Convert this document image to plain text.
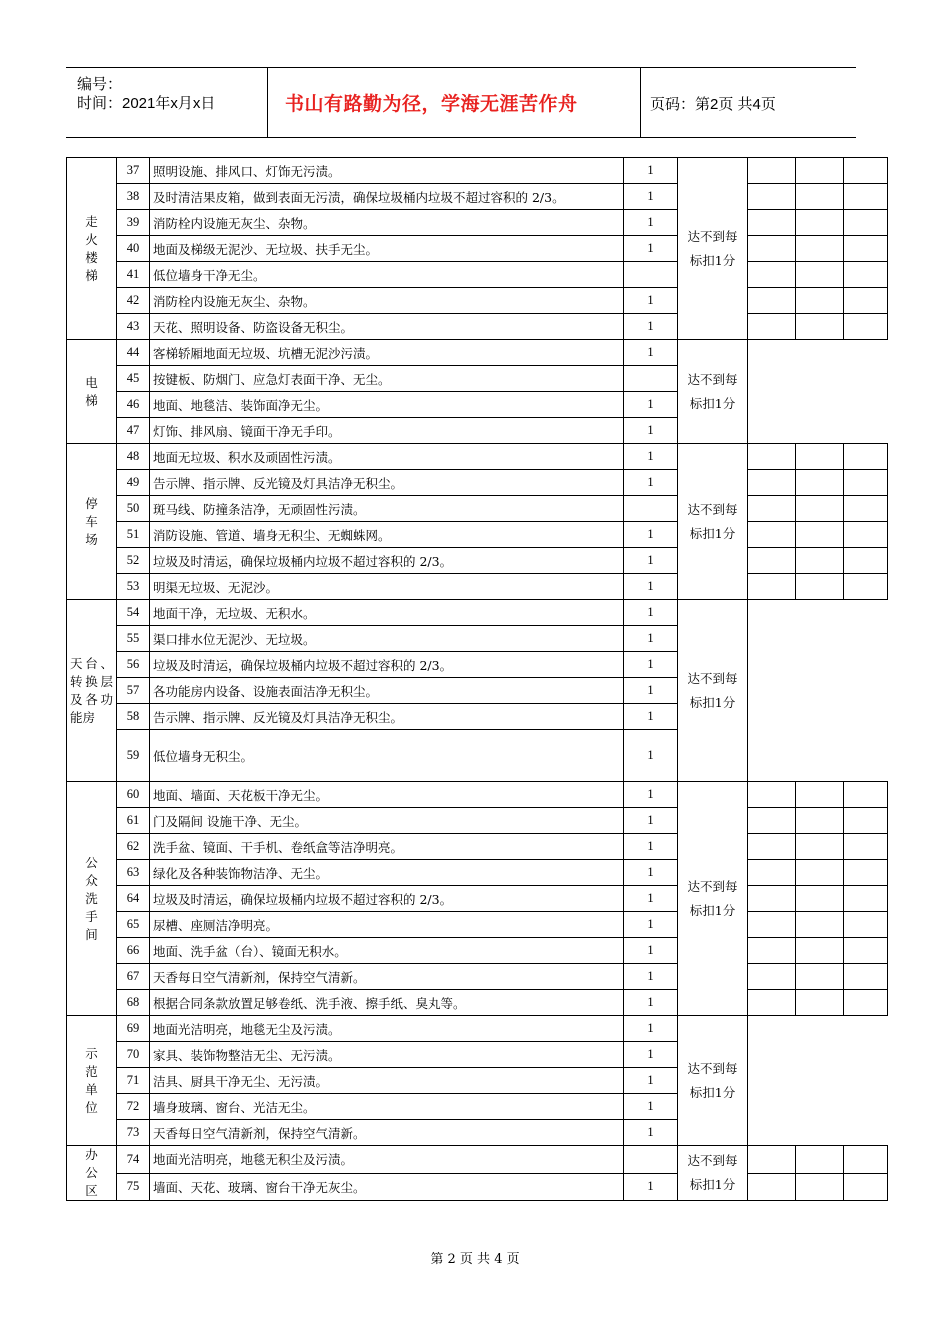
编号：
时间：2021年x月x日	书山有路勤为径，学海无涯苦作舟	页码：第2页 共4页
走火楼梯	37	照明设施、排风口、灯饰无污渍。	1	达不到每
标扣1分			

	38	及时清洁果皮箱，做到表面无污渍，确保垃圾桶内垃圾不超过容积的 2/3。	1				
	39	消防栓内设施无灰尘、杂物。	1				
	40	地面及梯级无泥沙、无垃圾、扶手无尘。	1				
	41	低位墙身干净无尘。					
	42	消防栓内设施无灰尘、杂物。	1				
	43	天花、照明设备、防盗设备无积尘。	1				

电梯	44	客梯轿厢地面无垃圾、坑槽无泥沙污渍。	1	达不到每
标扣1分			

	45	按键板、防烟门、应急灯表面干净、无尘。					
	46	地面、地毯洁、装饰面净无尘。	1				
	47	灯饰、排风扇、镜面干净无手印。	1				

停车场	48	地面无垃圾、积水及顽固性污渍。	1	达不到每
标扣1分			

	49	告示牌、指示牌、反光镜及灯具洁净无积尘。	1				
	50	斑马线、防撞条洁净，无顽固性污渍。					
	51	消防设施、管道、墙身无积尘、无蜘蛛网。	1				
	52	垃圾及时清运，确保垃圾桶内垃圾不超过容积的 2/3。	1				
	53	明渠无垃圾、无泥沙。	1				
天台、转换层及各功能房	54	地面干净，无垃圾、无积水。	1	达不到每
标扣1分			

	55	渠口排水位无泥沙、无垃圾。	1				
	56	垃圾及时清运，确保垃圾桶内垃圾不超过容积的 2/3。	1				
	57	各功能房内设备、设施表面洁净无积尘。	1				
	58	告示牌、指示牌、反光镜及灯具洁净无积尘。	1				
	59	低位墙身无积尘。	1				

公众洗手间	60	地面、墙面、天花板干净无尘。	1	达不到每
标扣1分			

	61	门及隔间 设施干净、无尘。	1				
	62	洗手盆、镜面、干手机、卷纸盒等洁净明亮。	1				
	63	绿化及各种装饰物洁净、无尘。	1				
	64	垃圾及时清运，确保垃圾桶内垃圾不超过容积的 2/3。	1				
	65	尿槽、座厕洁净明亮。	1				
	66	地面、洗手盆（台）、镜面无积水。	1				
	67	天香每日空气清新剂，保持空气清新。	1				
	68	根据合同条款放置足够卷纸、洗手液、擦手纸、臭丸等。	1				

示范单位	69	地面光洁明亮，地毯无尘及污渍。	1	达不到每
标扣1分			

	70	家具、装饰物整洁无尘、无污渍。	1				
	71	洁具、厨具干净无尘、无污渍。	1				
	72	墙身玻璃、窗台、光洁无尘。	1				
	73	天香每日空气清新剂，保持空气清新。	1				

办公区	74	地面光洁明亮，地毯无积尘及污渍。		达不到每
标扣1分			

	75	墙面、天花、玻璃、窗台干净无灰尘。	1				
第 2 页 共 4 页
